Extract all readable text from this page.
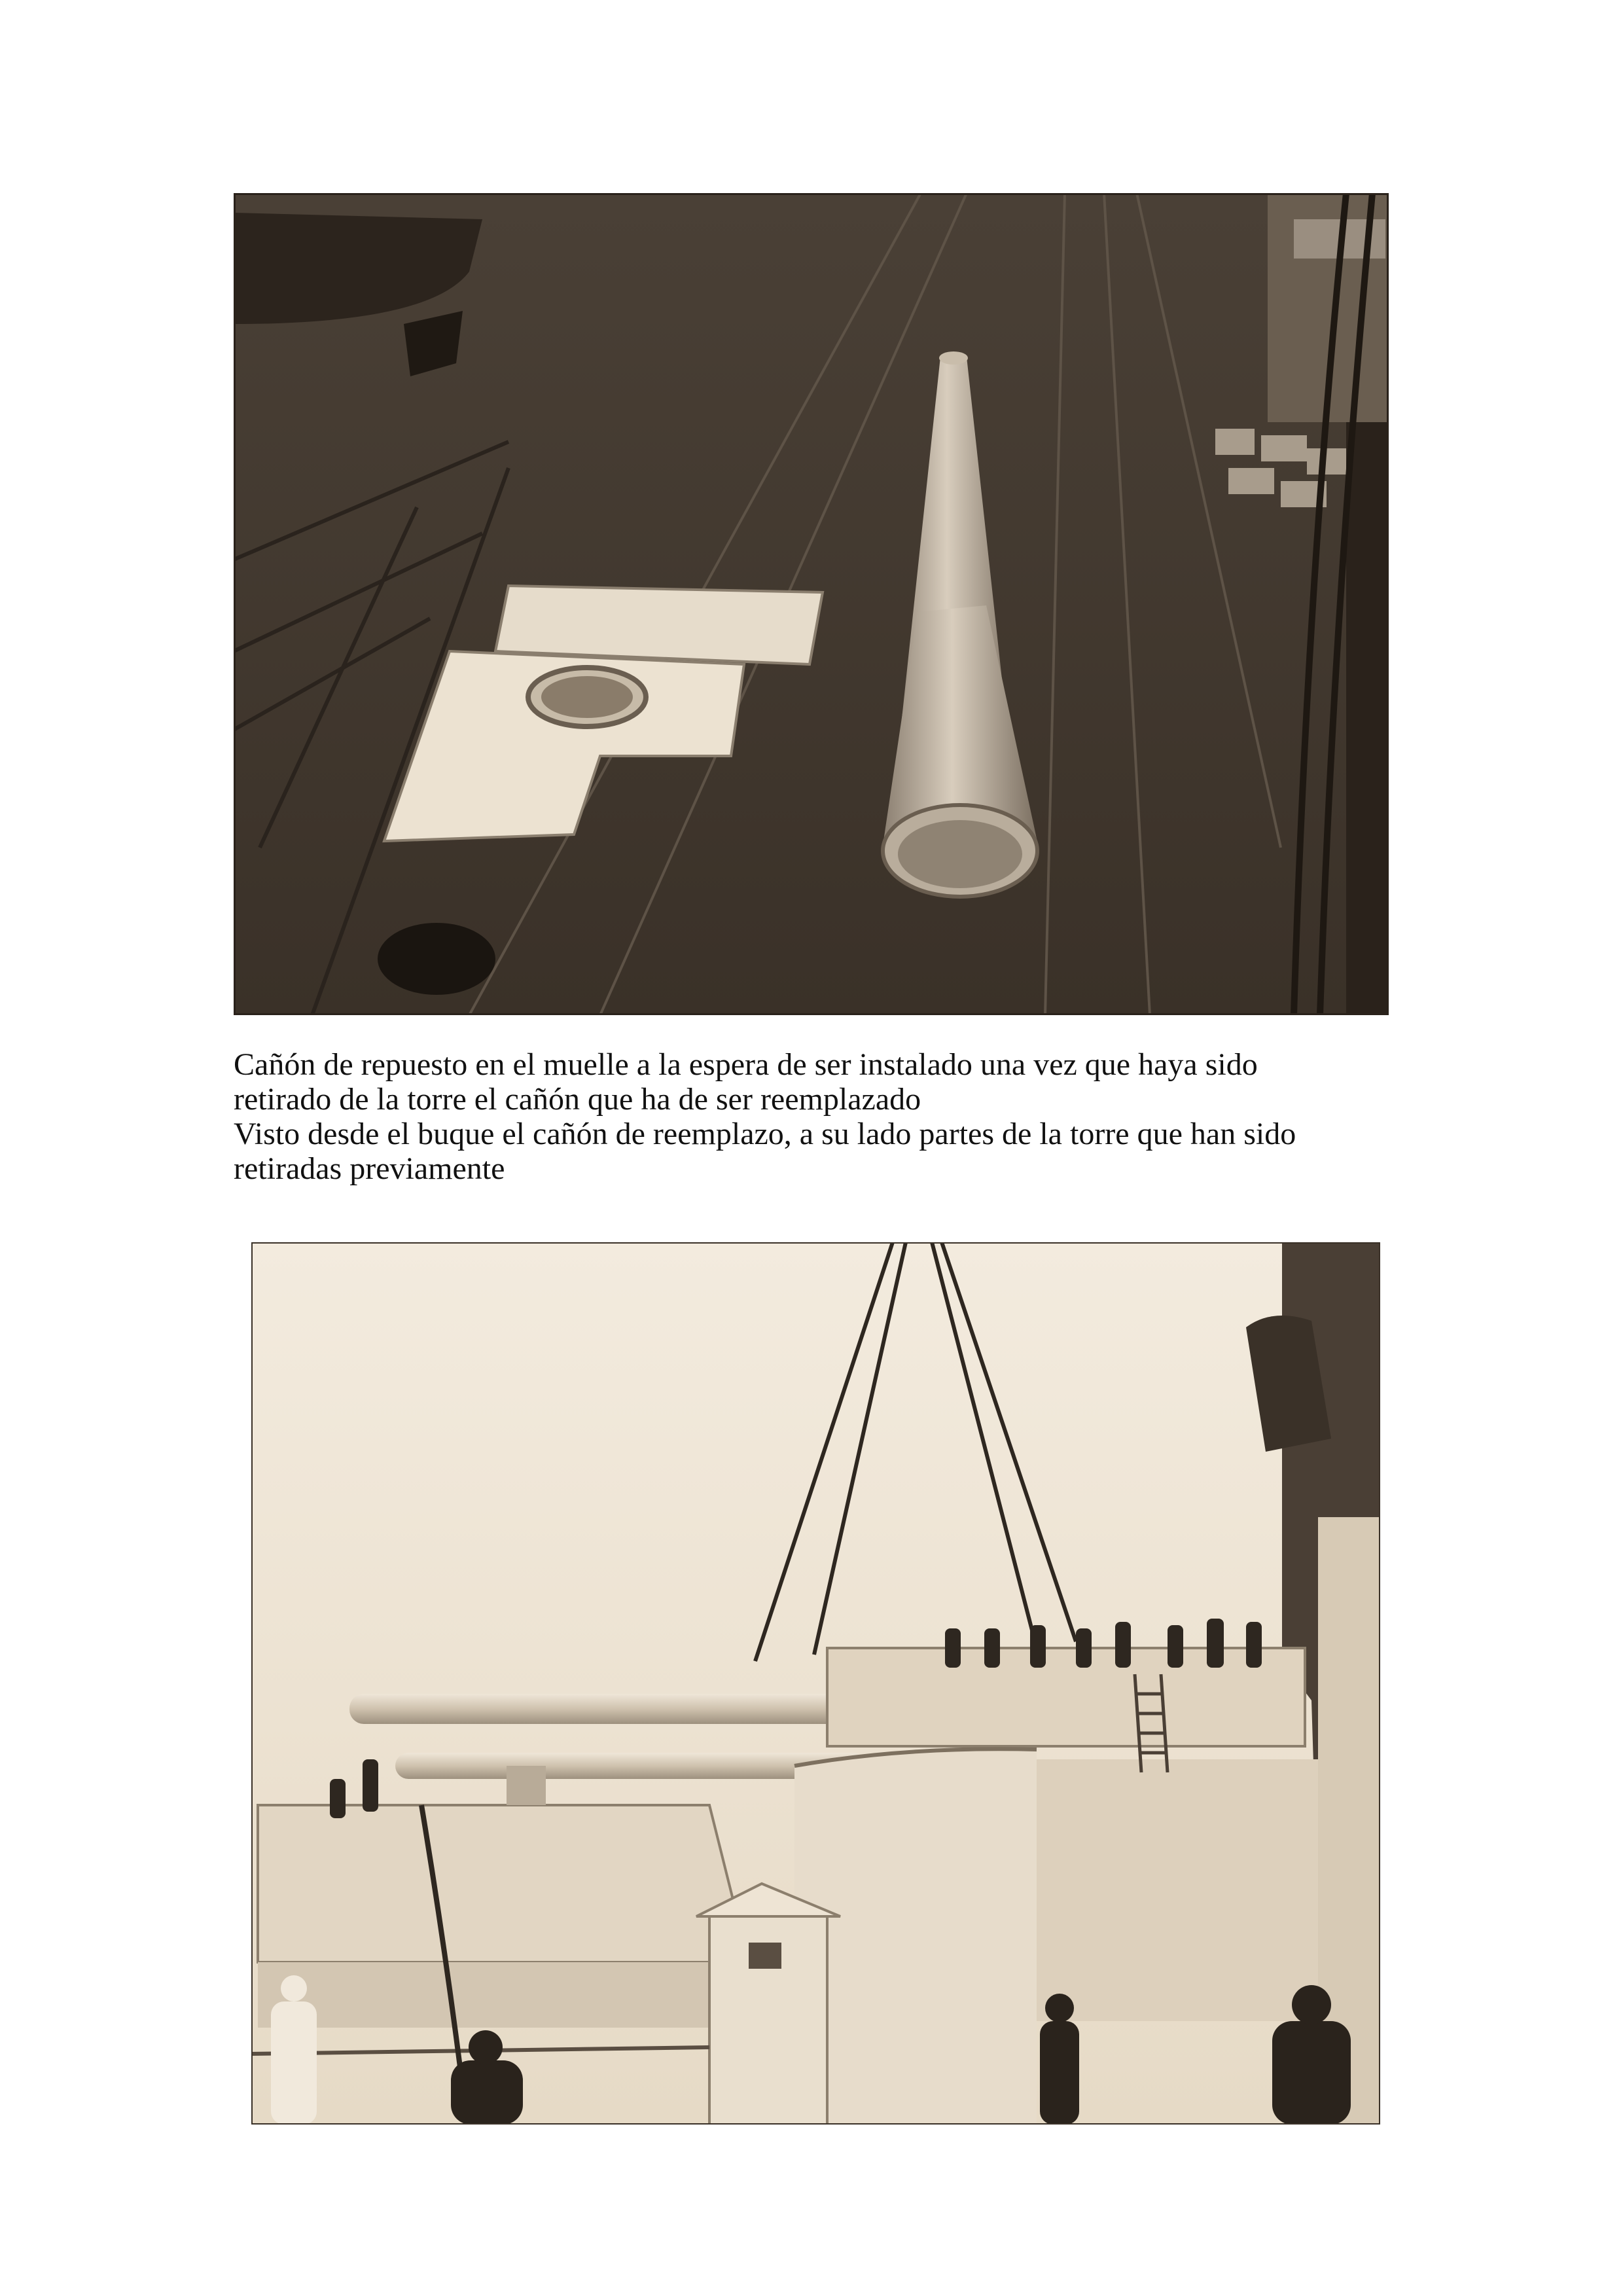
Cañón de repuesto en el muelle a la espera de ser instalado una vez que haya sido
retirado de la torre el cañón que ha de ser reemplazado
Visto desde el buque el cañón de reemplazo, a su lado partes de la torre que han sido
retiradas previamente
